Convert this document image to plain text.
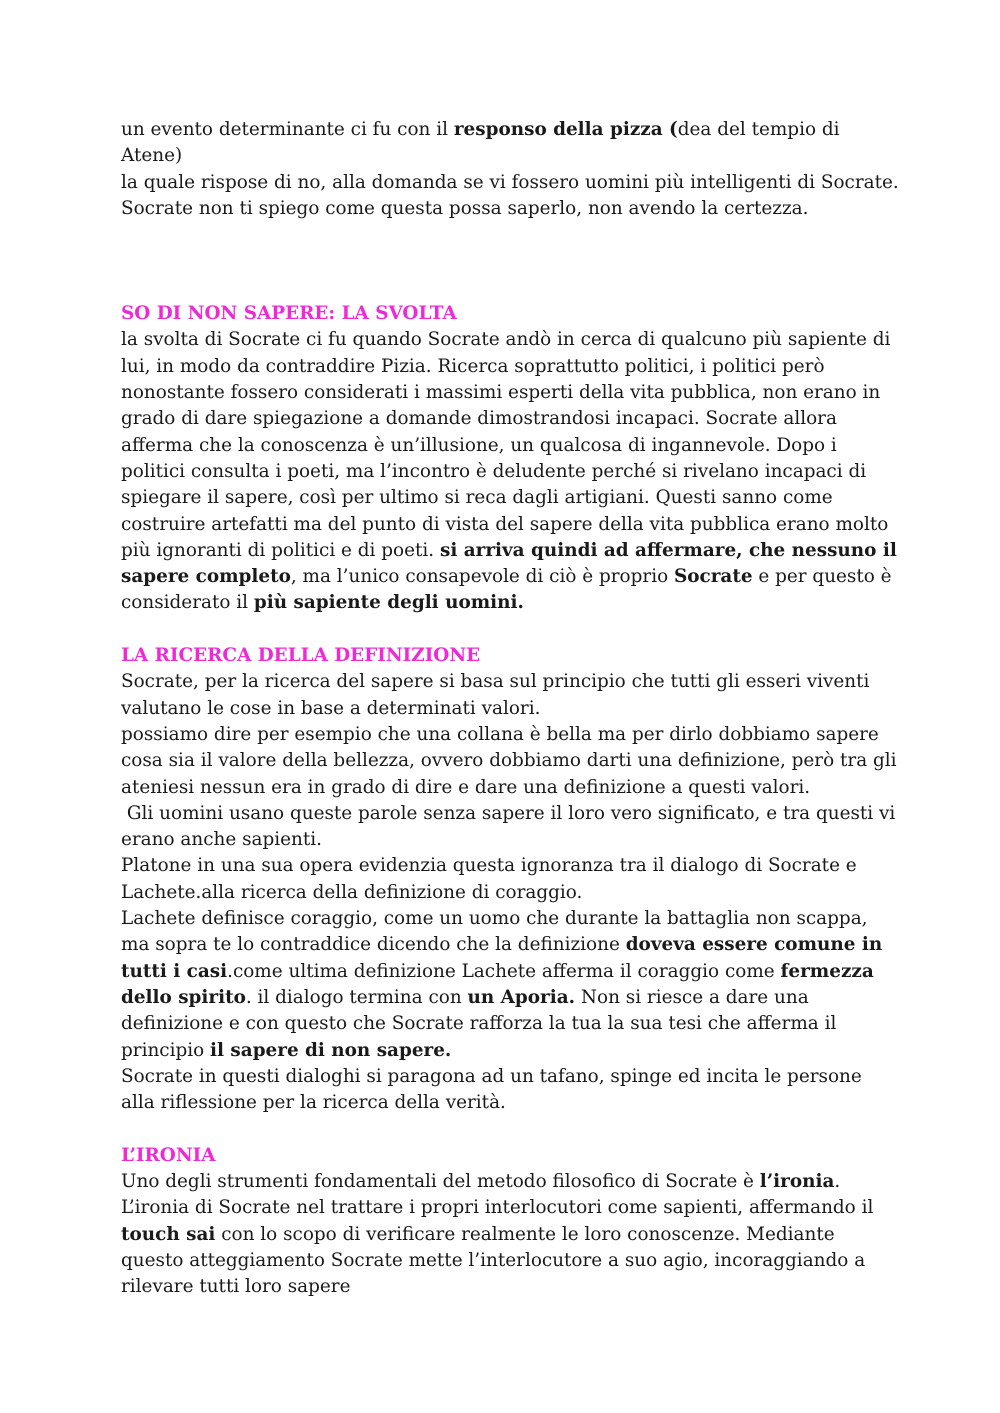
un evento determinante ci fu con il responso della pizza (dea del tempio di Atene)

la quale rispose di no, alla domanda se vi fossero uomini più intelligenti di Socrate.

Socrate non ti spiego come questa possa saperlo, non avendo la certezza.

SO DI NON SAPERE: LA SVOLTA

la svolta di Socrate ci fu quando Socrate andò in cerca di qualcuno più sapiente di lui, in modo da contraddire Pizia. Ricerca soprattutto politici, i politici però nonostante fossero considerati i massimi esperti della vita pubblica, non erano in grado di dare spiegazione a domande dimostrandosi incapaci. Socrate allora afferma che la conoscenza è un’illusione, un qualcosa di ingannevole. Dopo i politici consulta i poeti, ma l’incontro è deludente perché si rivelano incapaci di spiegare il sapere, così per ultimo si reca dagli artigiani. Questi sanno come costruire artefatti ma del punto di vista del sapere della vita pubblica erano molto più ignoranti di politici e di poeti. si arriva quindi ad affermare, che nessuno il sapere completo, ma l’unico consapevole di ciò è proprio Socrate e per questo è considerato il più sapiente degli uomini.

LA RICERCA DELLA DEFINIZIONE

Socrate, per la ricerca del sapere si basa sul principio che tutti gli esseri viventi valutano le cose in base a determinati valori.

possiamo dire per esempio che una collana è bella ma per dirlo dobbiamo sapere cosa sia il valore della bellezza, ovvero dobbiamo darti una definizione, però tra gli ateniesi nessun era in grado di dire e dare una definizione a questi valori.

Gli uomini usano queste parole senza sapere il loro vero significato, e tra questi vi erano anche sapienti.

Platone in una sua opera evidenzia questa ignoranza tra il dialogo di Socrate e Lachete.alla ricerca della definizione di coraggio.

Lachete definisce coraggio, come un uomo che durante la battaglia non scappa, ma sopra te lo contraddice dicendo che la definizione doveva essere comune in tutti i casi.come ultima definizione Lachete afferma il coraggio come fermezza dello spirito. il dialogo termina con un Aporia. Non si riesce a dare una definizione e con questo che Socrate rafforza la tua la sua tesi che afferma il principio il sapere di non sapere.

Socrate in questi dialoghi si paragona ad un tafano, spinge ed incita le persone alla riflessione per la ricerca della verità.

L’IRONIA

Uno degli strumenti fondamentali del metodo filosofico di Socrate è l’ironia.

L’ironia di Socrate nel trattare i propri interlocutori come sapienti, affermando il touch sai con lo scopo di verificare realmente le loro conoscenze. Mediante questo atteggiamento Socrate mette l’interlocutore a suo agio, incoraggiando a rilevare tutti loro sapere
